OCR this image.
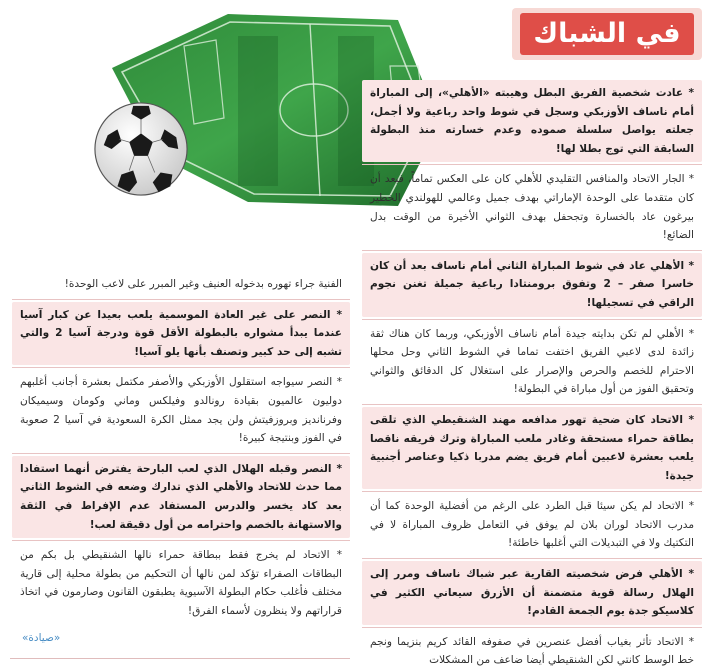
في الشباك
* عادت شخصية الفريق البطل وهيبته «الأهلي»، إلى المباراة أمام ناساف الأوزبكي وسجل في شوط واحد رباعية ولا أجمل، جعلته يواصل سلسلة صموده وعدم خسارته منذ البطولة السابقة التي توج بطلا لها!
* الجار الاتحاد والمنافس التقليدي للأهلي كان على العكس تماماً، فبعد أن كان متقدما على الوحدة الإماراتي بهدف جميل وعالمي للهولندي الخطير بيرغون عاد بالخسارة وتجحفل بهدف الثواني الأخيرة من الوقت بدل الضائع!
* الأهلي عاد في شوط المباراة الثاني أمام ناساف بعد أن كان خاسرا صفر – 2 وتفوق برومنتادا رباعية جميلة تغنن نجوم الراقي في تسجيلها!
* الأهلي لم تكن بدايته جيدة أمام ناساف الأوزبكي، وربما كان هناك ثقة زائدة لدى لاعبي الفريق اختفت تماما في الشوط الثاني وحل محلها الاحترام للخصم والحرص والإصرار على استغلال كل الدقائق والثواني وتحقيق الفوز من أول مباراة في البطولة!
* الاتحاد كان ضحية تهور مدافعه مهند الشنقيطي الذي تلقى بطاقة حمراء مستحقة وغادر ملعب المباراة وترك فريقه ناقصا يلعب بعشرة لاعبين أمام فريق يضم مدربا ذكيا وعناصر أجنبية جيدة!
* الاتحاد لم يكن سيئا قبل الطرد على الرغم من أفضلية الوحدة كما أن مدرب الاتحاد لوران بلان لم يوفق في التعامل ظروف المباراة لا في التكتيك ولا في التبديلات التي أغلبها خاطئة!
* الأهلي فرض شخصيته القارية عبر شباك ناساف ومرر إلى الهلال رسالة قوية متضمنة أن الأزرق سيعاني الكثير في كلاسيكو جدة يوم الجمعة القادم!
* الاتحاد تأثر بغياب أفضل عنصرين في صفوفه القائد كريم بنزيما ونجم خط الوسط كانتي لكن الشنقيطي أيضا ضاعف من المشكلات
الفنية جراء تهوره بدخوله العنيف وغير المبرر على لاعب الوحدة!
* النصر على غير العادة الموسمية يلعب بعيدا عن كبار آسيا عندما يبدأ مشواره بالبطولة الأقل قوة ودرجة آسيا 2 والتي تشبه إلى حد كبير وتصنف بأنها يلو آسيا!
* النصر سيواجه استقلول الأوزبكي والأصفر مكتمل بعشرة أجانب أغلبهم دوليون عالميون بقيادة رونالدو وفيلكس وماني وكومان وسيميكان وفرنانديز وبروزفيتش ولن يجد ممثل الكرة السعودية في آسيا 2 صعوبة في الفوز وبنتيجة كبيرة!
* النصر وقبله الهلال الذي لعب البارحة يفترض أنهما استفادا مما حدث للاتحاد والأهلي الذي تدارك وضعه في الشوط الثاني بعد كاد يخسر والدرس المستفاد عدم الإفراط في الثقة والاستهانة بالخصم واحترامه من أول دقيقة لعب!
* الاتحاد لم يخرج فقط ببطاقة حمراء نالها الشنقيطي بل بكم من البطاقات الصفراء تؤكد لمن نالها أن التحكيم من بطولة محلية إلى قارية مختلف فأغلب حكام البطولة الآسيوية يطبقون القانون وصارمون في اتخاذ قراراتهم ولا ينظرون لأسماء الفرق!
«صيادة»
